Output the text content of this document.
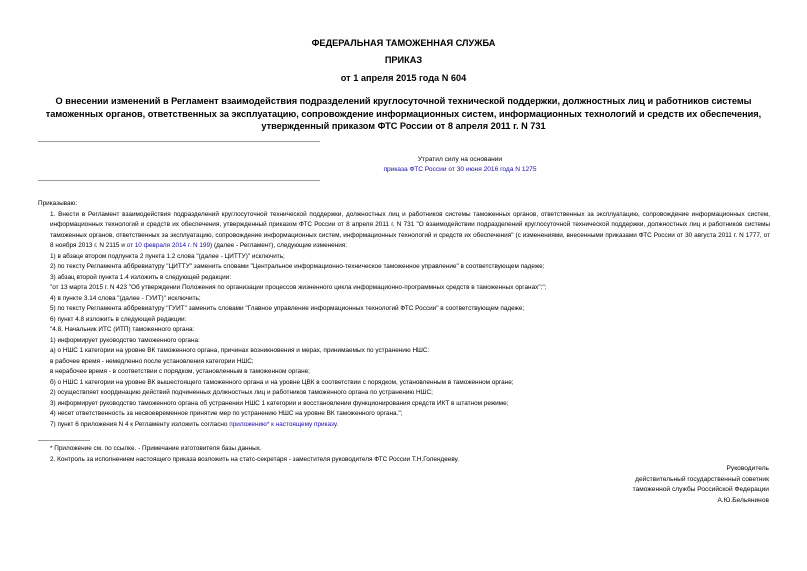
ФЕДЕРАЛЬНАЯ ТАМОЖЕННАЯ СЛУЖБА
ПРИКАЗ
от 1 апреля 2015 года N 604
О внесении изменений в Регламент взаимодействия подразделений круглосуточной технической поддержки, должностных лиц и работников системы таможенных органов, ответственных за эксплуатацию, сопровождение информационных систем, информационных технологий и средств их обеспечения, утвержденный приказом ФТС России от 8 апреля 2011 г. N 731
Утратил силу на основании
приказа ФТС России от 30 июня 2016 года N 1275
Приказываю:
1. Внести в Регламент взаимодействия подразделений круглосуточной технической поддержки, должностных лиц и работников системы таможенных органов, ответственных за эксплуатацию, сопровождение информационных систем, информационных технологий и средств их обеспечения, утвержденный приказом ФТС России от 8 апреля 2011 г. N 731 "О взаимодействии подразделений круглосуточной технической поддержки, должностных лиц и работников системы таможенных органов, ответственных за эксплуатацию, сопровождение информационных систем, информационных технологий и средств их обеспечения" (с изменениями, внесенными приказами ФТС России от 30 августа 2011 г. N 1777, от 8 ноября 2013 г. N 2115 и от 10 февраля 2014 г. N 199) (далее - Регламент), следующие изменения:
1) в абзаце втором подпункта 2 пункта 1.2 слова "(далее - ЦИТТУ)" исключить;
2) по тексту Регламента аббревиатуру "ЦИТТУ" заменить словами "Центральное информационно-техническое таможенное управление" в соответствующем падеже;
3) абзац второй пункта 1.4 изложить в следующей редакции:
"от 13 марта 2015 г. N 423 "Об утверждении Положения по организации процессов жизненного цикла информационно-программных средств в таможенных органах";";
4) в пункте 3.14 слова "(далее - ГУИТ)" исключить;
5) по тексту Регламента аббревиатуру "ГУИТ" заменить словами "Главное управление информационных технологий ФТС России" в соответствующем падеже;
6) пункт 4.8 изложить в следующей редакции:
"4.8. Начальник ИТС (ИТП) таможенного органа:
1) информирует руководство таможенного органа:
а) о НШС 1 категории на уровне ВК таможенного органа, причинах возникновения и мерах, принимаемых по устранению НШС:
в рабочее время - немедленно после установления категории НШС;
в нерабочее время - в соответствии с порядком, установленным в таможенном органе;
б) о НШС 1 категории на уровне ВК вышестоящего таможенного органа и на уровне ЦВК в соответствии с порядком, установленным в таможенном органе;
2) осуществляет координацию действий подчиненных должностных лиц и работников таможенного органа по устранению НШС;
3) информирует руководство таможенного органа об устранении НШС 1 категории и восстановлении функционирования средств ИКТ в штатном режиме;
4) несет ответственность за несвоевременное принятие мер по устранению НШС на уровне ВК таможенного органа.";
7) пункт 6 приложения N 4 к Регламенту изложить согласно приложению* к настоящему приказу.
* Приложение см. по ссылке. - Примечание изготовителя базы данных.
2. Контроль за исполнением настоящего приказа возложить на статс-секретаря - заместителя руководителя ФТС России Т.Н.Голендееву.
Руководитель
действительный государственный советник
таможенной службы Российской Федерации
А.Ю.Бельянинов
